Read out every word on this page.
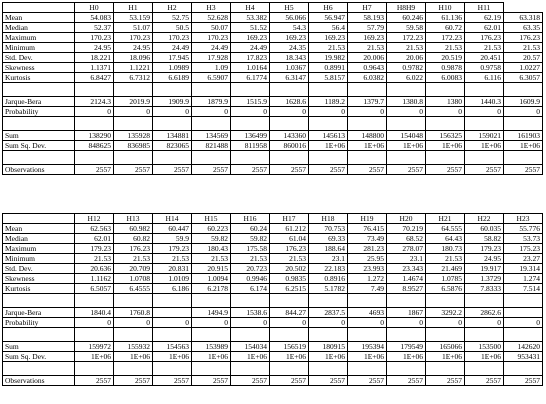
	H0	H1	H2	H3	H4	H5	H6	H7	H8H9	H10	H11	
Mean	54.083	53.159	52.75	52.628	53.382	56.066	56.947	58.193	60.246	61.136	62.19	63.318
Median	52.37	51.07	50.5	50.07	51.52	54.3	56.4	57.79	59.58	60.72	62.01	63.35
Maximum	170.23	170.23	170.23	170.23	169.23	169.23	169.23	169.23	172.23	172.23	176.23	176.23
Minimum	24.95	24.95	24.49	24.49	24.49	24.35	21.53	21.53	21.53	21.53	21.53	21.53
Std. Dev.	18.221	18.096	17.945	17.928	17.823	18.343	19.982	20.006	20.06	20.519	20.451	20.57
Skewness	1.1371	1.1221	1.0989	1.09	1.0164	1.0367	0.8991	0.9643	0.9782	0.9878	0.9758	1.0227
Kurtosis	6.8427	6.7312	6.6189	6.5907	6.1774	6.3147	5.8157	6.0382	6.022	6.0083	6.116	6.3057

Jarque-Bera	2124.3	2019.9	1909.9	1879.9	1515.9	1628.6	1189.2	1379.7	1380.8	1380	1440.3	1609.9
Probability	0	0	0	0	0	0	0	0	0	0	0	0

Sum	138290	135928	134881	134569	136499	143360	145613	148800	154048	156325	159021	161903
Sum Sq. Dev.	848625	836985	823065	821488	811958	860016	1E+06	1E+06	1E+06	1E+06	1E+06	1E+06

Observations	2557	2557	2557	2557	2557	2557	2557	2557	2557	2557	2557	2557
	H12	H13	H14	H15	H16	H17	H18	H19	H20	H21	H22	H23
Mean	62.563	60.982	60.447	60.223	60.24	61.212	70.753	76.415	70.219	64.555	60.035	55.776
Median	62.01	60.82	59.9	59.82	59.82	61.04	69.33	73.49	68.52	64.43	58.82	53.73
Maximum	179.23	176.23	179.23	180.43	175.58	176.23	188.64	281.23	278.07	180.73	179.23	175.23
Minimum	21.53	21.53	21.53	21.53	21.53	21.53	23.1	25.95	23.1	21.53	24.95	23.27
Std. Dev.	20.636	20.709	20.831	20.915	20.723	20.502	22.183	23.993	23.343	21.469	19.917	19.314
Skewness	1.1162	1.0708	1.0109	1.0094	0.9946	0.9835	0.8916	1.272	1.4674	1.0785	1.3729	1.274
Kurtosis	6.5057	6.4555	6.186	6.2178	6.174	6.2515	5.1782	7.49	8.9527	6.5876	7.8333	7.514

Jarque-Bera	1840.4	1760.8		1494.9	1538.6	844.27	2837.5	4693	1867	3292.2	2862.6	
Probability	0	0	0	0	0	0	0	0	0	0	0	0

Sum	159972	155932	154563	153989	154034	156519	180915	195394	179549	165066	153500	142620
Sum Sq. Dev.	1E+06	1E+06	1E+06	1E+06	1E+06	1E+06	1E+06	1E+06	1E+06	1E+06	1E+06	953431

Observations	2557	2557	2557	2557	2557	2557	2557	2557	2557	2557	2557	2557
